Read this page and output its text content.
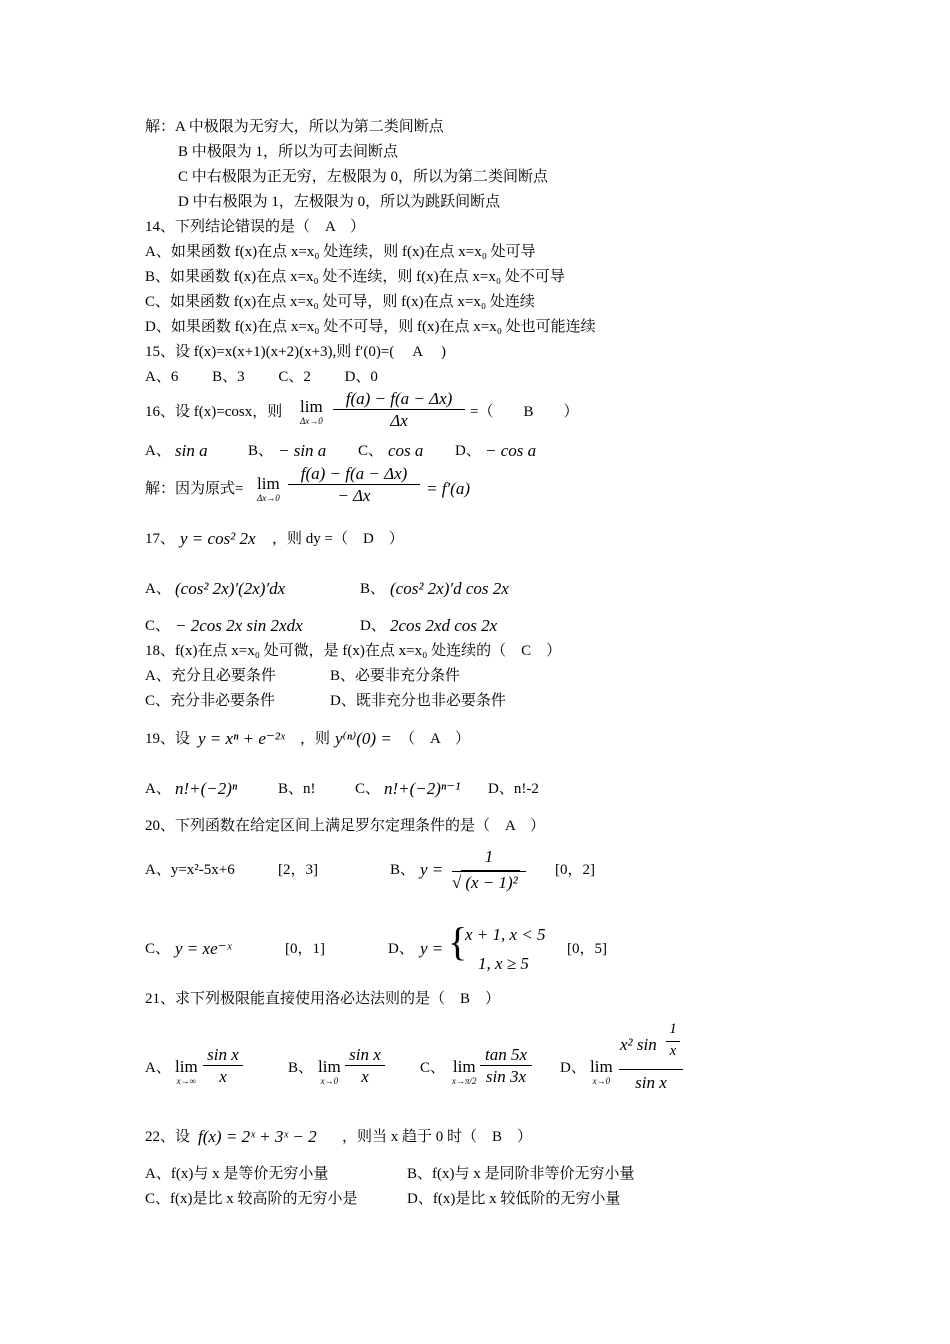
解：A 中极限为无穷大，所以为第二类间断点
B 中极限为 1，所以为可去间断点
C 中右极限为正无穷，左极限为 0，所以为第二类间断点
D 中右极限为 1，左极限为 0，所以为跳跃间断点
14、下列结论错误的是（　A　）
A、如果函数 f(x)在点 x=x₀ 处连续，则 f(x)在点 x=x₀ 处可导
B、如果函数 f(x)在点 x=x₀ 处不连续，则 f(x)在点 x=x₀ 处不可导
C、如果函数 f(x)在点 x=x₀ 处可导，则 f(x)在点 x=x₀ 处连续
D、如果函数 f(x)在点 x=x₀ 处不可导，则 f(x)在点 x=x₀ 处也可能连续
15、设 f(x)=x(x+1)(x+2)(x+3),则 f′(0)=(　 A　 )
A、6　　 B、3　　 C、2　　 D、0
16、设 f(x)=cosx，则 lim
$\Delta x\to 0 \frac{f(a) - f(a - \Delta x)}{\Delta x}$ =（　　B　　）
A、 sin a	B、 − sin a C、 cos a D、 − cos a
解：因为原式= lim
$\Delta x\to 0 \frac{f(a) - f(a - \Delta x)}{- \Delta x} = f'(a)$
17、 y = cos² 2x ，则 dy =（　D　）
A、 (cos² 2x)′(2x)′dx	B、 (cos² 2x)′d cos 2x
C、 − 2cos 2x sin 2xdx	D、 2cos 2xd cos 2x
18、f(x)在点 x=x₀ 处可微，是 f(x)在点 x=x₀ 处连续的（　C　）
A、充分且必要条件	B、必要非充分条件
C、充分非必要条件	D、既非充分也非必要条件
19、设 y = xⁿ + e⁻²ˣ ，则 y⁽ⁿ⁾(0) = （　A　）
A、 n!+(−2)ⁿ	B、n!	C、 n!+(−2)ⁿ⁻¹ D、n!-2
20、下列函数在给定区间上满足罗尔定理条件的是（　A　）
A、y=x²-5x+6	[2，3]	B、 y =
1
√ (x − 1)²
[0，2]
C、 y = xe⁻ˣ	[0，1]	D、 y = {
x + 1, x < 5
1, x ≥ 5
[0，5]
21、求下列极限能直接使用洛必达法则的是（　B　）
A、 lim
$x\to\infty \frac{\text{sin x}}{x}$	B、 lim
$x\to 0 \frac{\text{sin x}}{x}$ C、 lim
$x\to\pi/2 \frac{\tan 5x}{\sin 3x}$ D、 lim
x→0
x² sin
1
x
sin x
22、设 f(x) = 2ˣ + 3ˣ − 2 ，则当 x 趋于 0 时（　B　）
A、f(x)与 x 是等价无穷小量	B、f(x)与 x 是同阶非等价无穷小量
C、f(x)是比 x 较高阶的无穷小是	D、f(x)是比 x 较低阶的无穷小量
